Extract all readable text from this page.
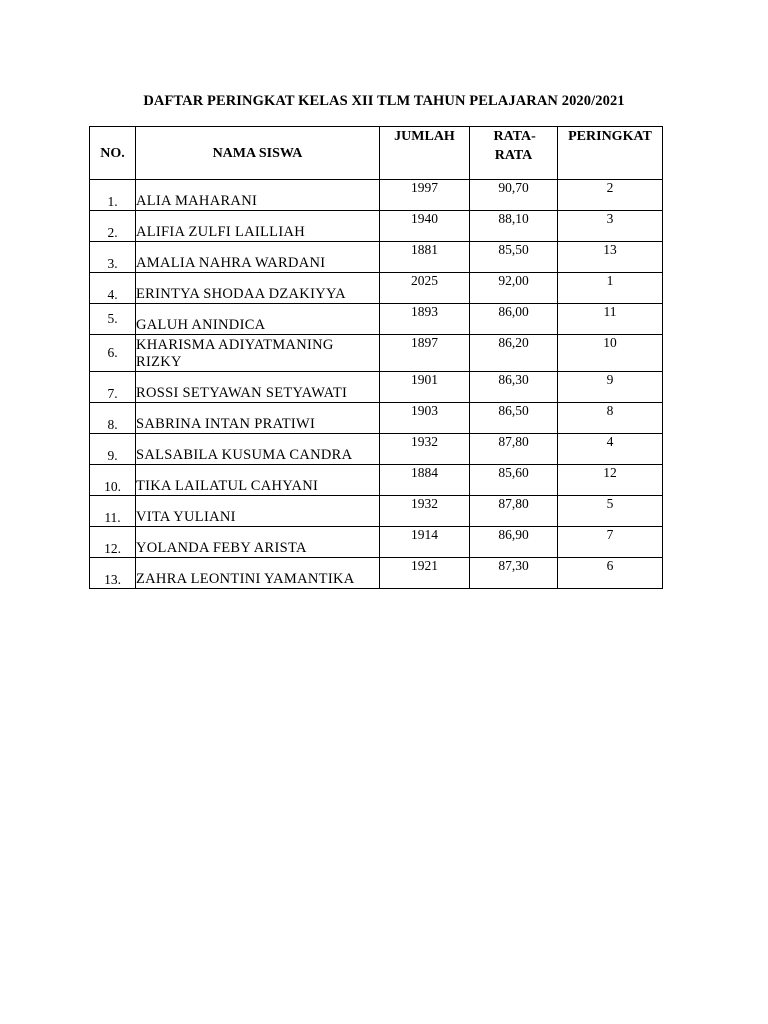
DAFTAR PERINGKAT KELAS XII TLM TAHUN PELAJARAN 2020/2021
NO.	NAMA SISWA	JUMLAH	RATA-RATA	PERINGKAT
1.	ALIA MAHARANI	1997	90,70	2
2.	ALIFIA ZULFI LAILLIAH	1940	88,10	3
3.	AMALIA NAHRA WARDANI	1881	85,50	13
4.	ERINTYA SHODAA DZAKIYYA	2025	92,00	1
5.	GALUH ANINDICA	1893	86,00	11
6.	KHARISMA ADIYATMANING RIZKY	1897	86,20	10
7.	ROSSI SETYAWAN SETYAWATI	1901	86,30	9
8.	SABRINA INTAN PRATIWI	1903	86,50	8
9.	SALSABILA KUSUMA CANDRA	1932	87,80	4
10.	TIKA LAILATUL CAHYANI	1884	85,60	12
11.	VITA YULIANI	1932	87,80	5
12.	YOLANDA FEBY ARISTA	1914	86,90	7
13.	ZAHRA LEONTINI YAMANTIKA	1921	87,30	6
